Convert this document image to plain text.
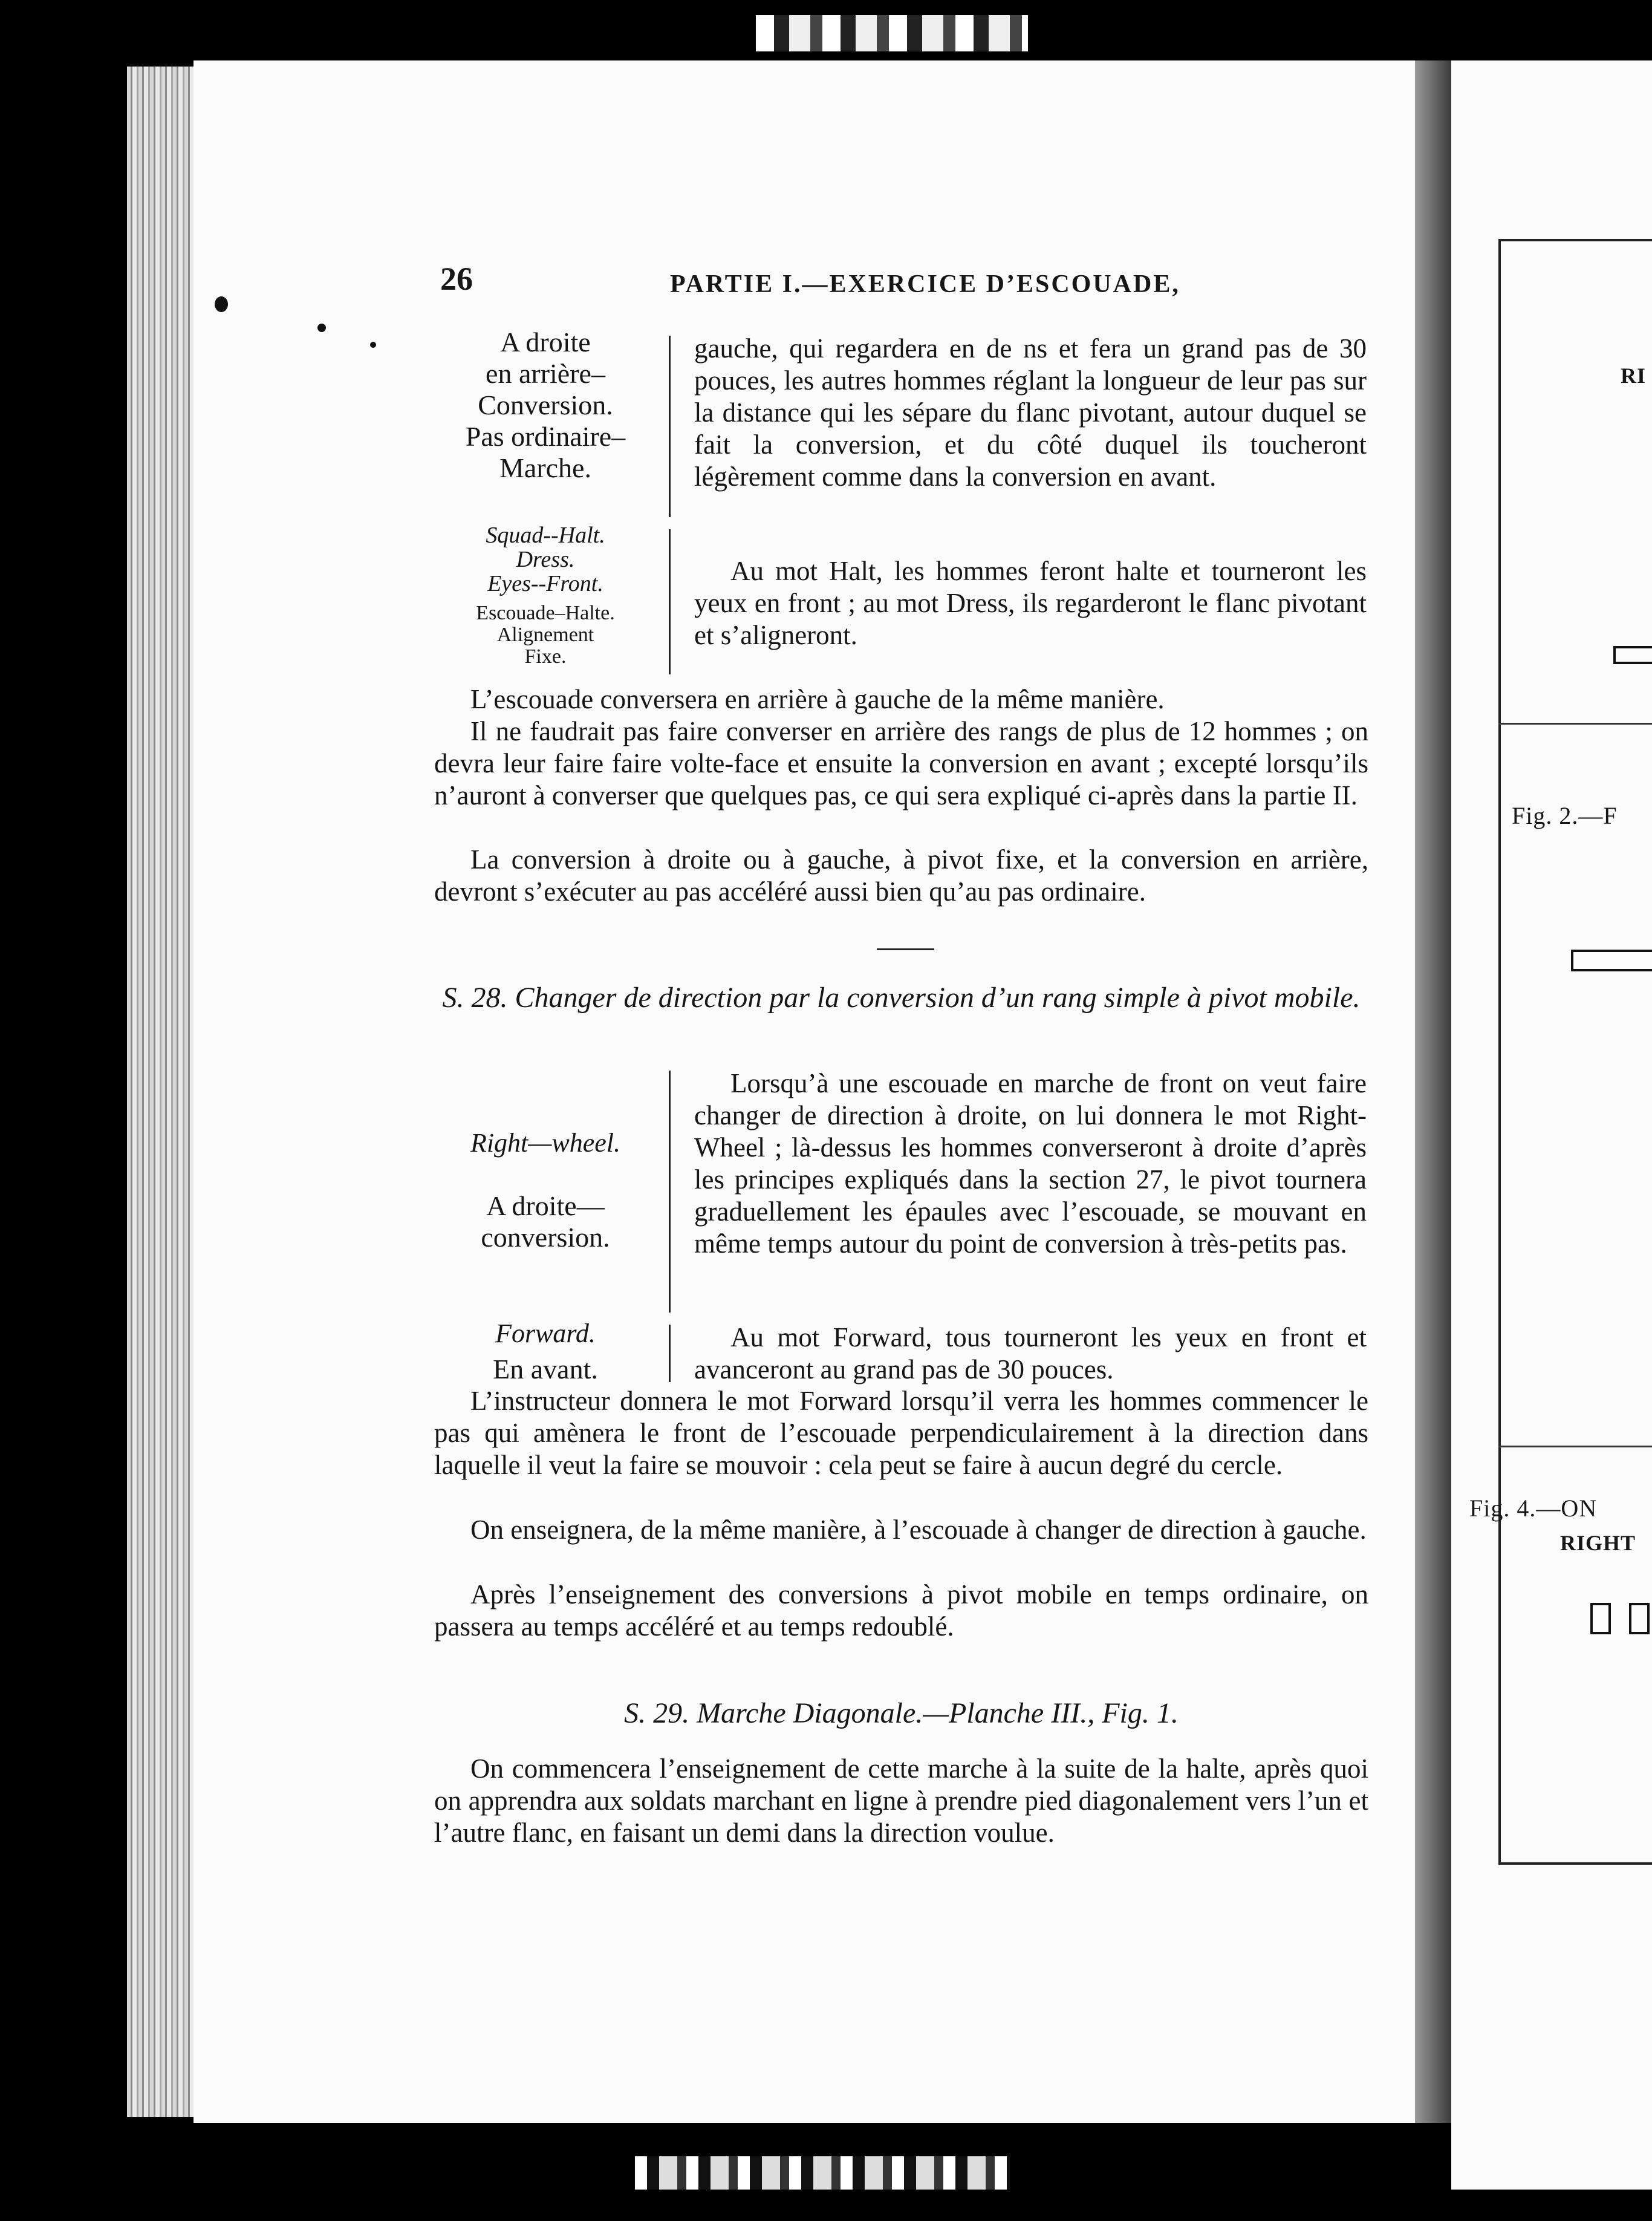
RI
Fig. 2.—F
Fig. 4.—ON
RIGHT
26	PARTIE I.—EXERCICE D’ESCOUADE,
A droite
en arrière–
Conversion.
Pas ordinaire–
Marche.
Squad--Halt.
Dress.
Eyes--Front.
Escouade–Halte.
Alignement
Fixe.
gauche, qui regardera en de ns et fera un grand pas de 30 pouces, les autres hommes réglant la longueur de leur pas sur la distance qui les sépare du flanc pivotant, autour duquel se fait la conversion, et du côté duquel ils toucheront légèrement comme dans la conversion en avant.
Au mot Halt, les hommes feront halte et tourneront les yeux en front ; au mot Dress, ils regarderont le flanc pivotant et s’aligneront.
L’escouade conversera en arrière à gauche de la même manière.
Il ne faudrait pas faire converser en arrière des rangs de plus de 12 hommes ; on devra leur faire faire volte-face et ensuite la conversion en avant ; excepté lorsqu’ils n’auront à converser que quelques pas, ce qui sera expliqué ci-après dans la partie II.
La conversion à droite ou à gauche, à pivot fixe, et la conversion en arrière, devront s’exécuter au pas accéléré aussi bien qu’au pas ordinaire.
S. 28. Changer de direction par la conversion d’un rang simple à pivot mobile.
Right—wheel.
A droite—
conversion.
Forward.
En avant.
Lorsqu’à une escouade en marche de front on veut faire changer de direction à droite, on lui donnera le mot Right-Wheel ; là-dessus les hommes converseront à droite d’après les principes expliqués dans la section 27, le pivot tournera graduellement les épaules avec l’escouade, se mouvant en même temps autour du point de conversion à très-petits pas.
Au mot Forward, tous tourneront les yeux en front et avanceront au grand pas de 30 pouces.
L’instructeur donnera le mot Forward lorsqu’il verra les hommes commencer le pas qui amènera le front de l’escouade perpendiculairement à la direction dans laquelle il veut la faire se mouvoir : cela peut se faire à aucun degré du cercle.
On enseignera, de la même manière, à l’escouade à changer de direction à gauche.
Après l’enseignement des conversions à pivot mobile en temps ordinaire, on passera au temps accéléré et au temps redoublé.
S. 29. Marche Diagonale.—Planche III., Fig. 1.
On commencera l’enseignement de cette marche à la suite de la halte, après quoi on apprendra aux soldats marchant en ligne à prendre pied diagonalement vers l’un et l’autre flanc, en faisant un demi dans la direction voulue.
